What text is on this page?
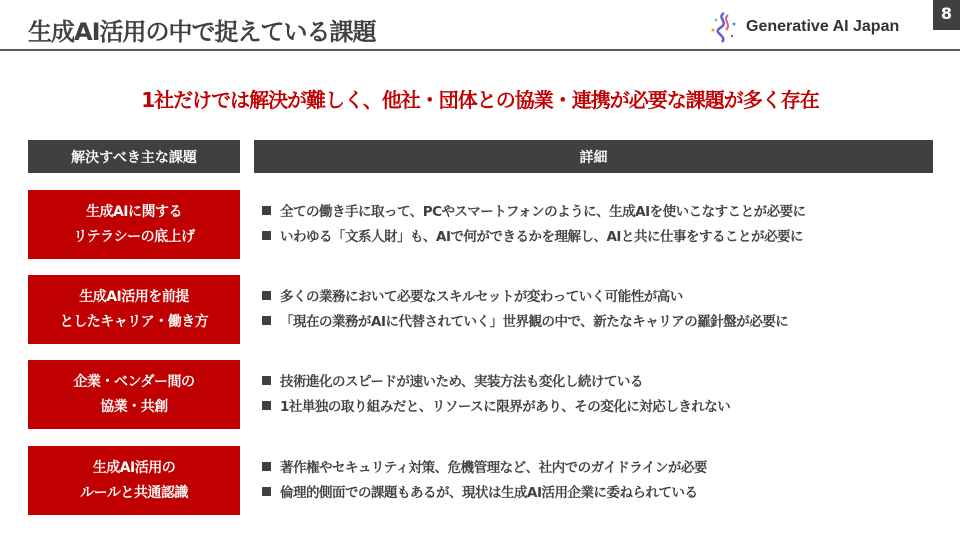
生成AI活用の中で捉えている課題
8
Generative AI Japan
1社だけでは解決が難しく、他社・団体との協業・連携が必要な課題が多く存在
解決すべき主な課題	詳細
生成AIに関する
リテラシーの底上げ
全ての働き手に取って、PCやスマートフォンのように、生成AIを使いこなすことが必要に
いわゆる「文系人財」も、AIで何ができるかを理解し、AIと共に仕事をすることが必要に
生成AI活用を前提
としたキャリア・働き方
多くの業務において必要なスキルセットが変わっていく可能性が高い
「現在の業務がAIに代替されていく」世界観の中で、新たなキャリアの羅針盤が必要に
企業・ベンダー間の
協業・共創
技術進化のスピードが速いため、実装方法も変化し続けている
1社単独の取り組みだと、リソースに限界があり、その変化に対応しきれない
生成AI活用の
ルールと共通認識
著作権やセキュリティ対策、危機管理など、社内でのガイドラインが必要
倫理的側面での課題もあるが、現状は生成AI活用企業に委ねられている
